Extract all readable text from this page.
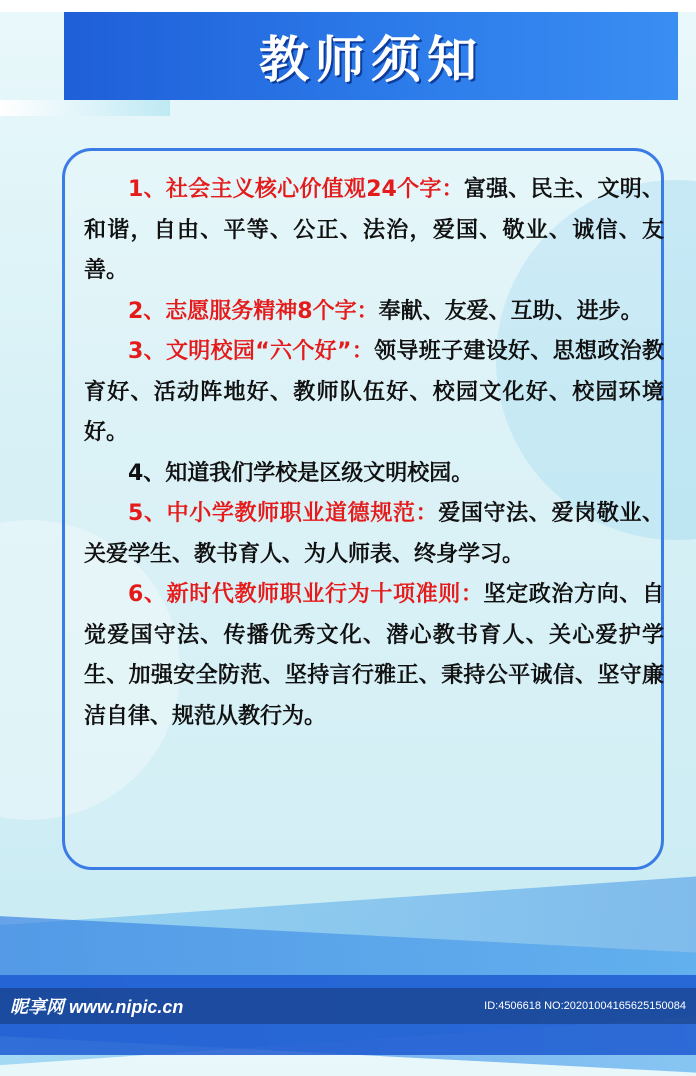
教师须知

1、社会主义核心价值观24个字：富强、民主、文明、和谐，自由、平等、公正、法治，爱国、敬业、诚信、友善。

2、志愿服务精神8个字：奉献、友爱、互助、进步。

3、文明校园“六个好”：领导班子建设好、思想政治教育好、活动阵地好、教师队伍好、校园文化好、校园环境好。

4、知道我们学校是区级文明校园。

5、中小学教师职业道德规范：爱国守法、爱岗敬业、关爱学生、教书育人、为人师表、终身学习。

6、新时代教师职业行为十项准则：坚定政治方向、自觉爱国守法、传播优秀文化、潜心教书育人、关心爱护学生、加强安全防范、坚持言行雅正、秉持公平诚信、坚守廉洁自律、规范从教行为。

昵享网 www.nipic.cn	ID:4506618 NO:20201004165625150084
